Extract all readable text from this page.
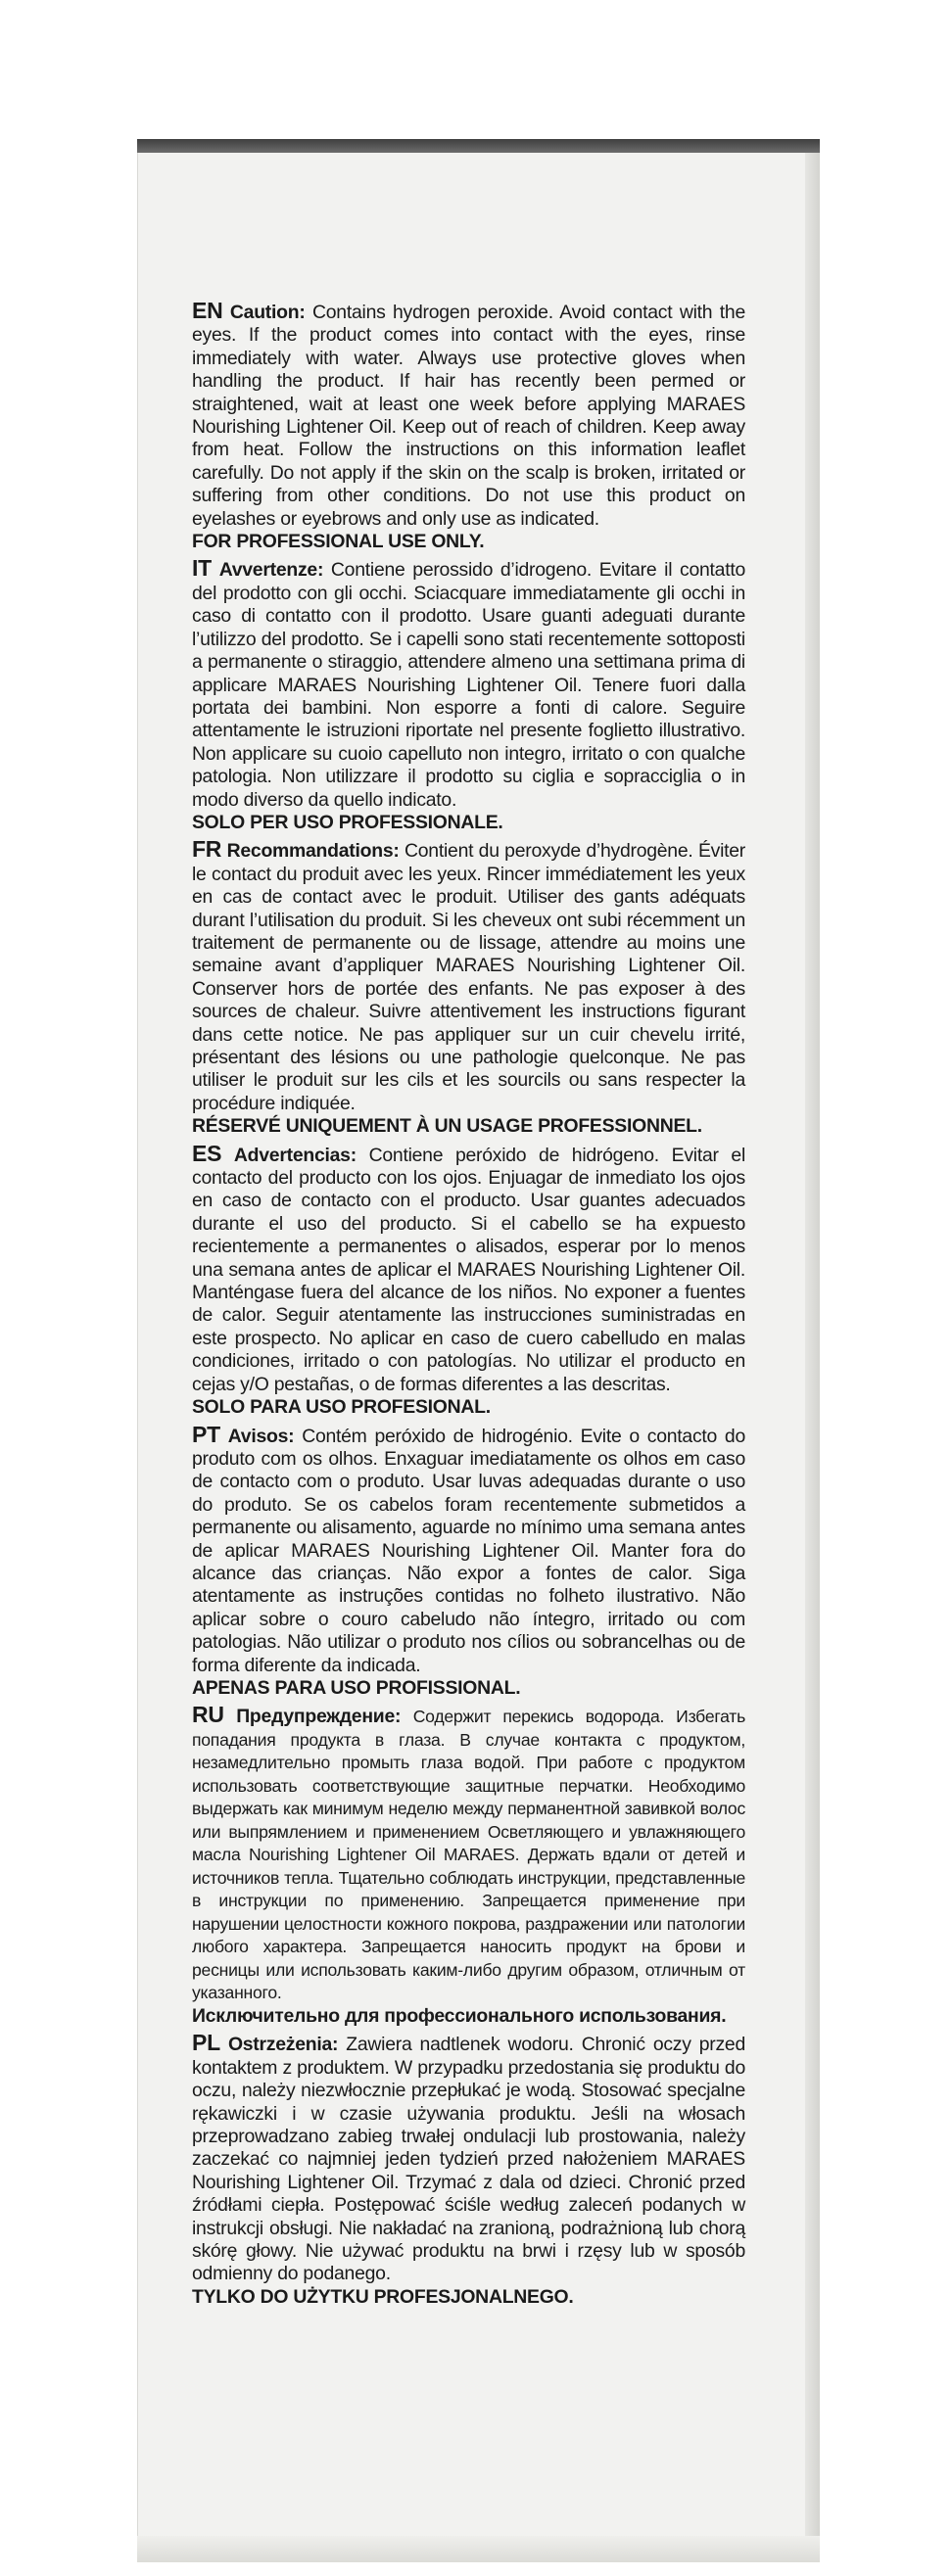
EN Caution: Contains hydrogen peroxide. Avoid contact with the eyes. If the product comes into contact with the eyes, rinse immediately with water. Always use protective gloves when handling the product. If hair has recently been permed or straightened, wait at least one week before applying MARAES Nourishing Lightener Oil. Keep out of reach of children. Keep away from heat. Follow the instructions on this information leaflet carefully. Do not apply if the skin on the scalp is broken, irritated or suffering from other conditions. Do not use this product on eyelashes or eyebrows and only use as indicated.
FOR PROFESSIONAL USE ONLY.
IT Avvertenze: Contiene perossido d’idrogeno. Evitare il contatto del prodotto con gli occhi. Sciacquare immediatamente gli occhi in caso di contatto con il prodotto. Usare guanti adeguati durante l’utilizzo del prodotto. Se i capelli sono stati recentemente sottoposti a permanente o stiraggio, attendere almeno una settimana prima di applicare MARAES Nourishing Lightener Oil. Tenere fuori dalla portata dei bambini. Non esporre a fonti di calore. Seguire attentamente le istruzioni riportate nel presente foglietto illustrativo. Non applicare su cuoio capelluto non integro, irritato o con qualche patologia. Non utilizzare il prodotto su ciglia e sopracciglia o in modo diverso da quello indicato.
SOLO PER USO PROFESSIONALE.
FR Recommandations: Contient du peroxyde d’hydrogène. Éviter le contact du produit avec les yeux. Rincer immédiatement les yeux en cas de contact avec le produit. Utiliser des gants adéquats durant l’utilisation du produit. Si les cheveux ont subi récemment un traitement de permanente ou de lissage, attendre au moins une semaine avant d’appliquer MARAES Nourishing Lightener Oil. Conserver hors de portée des enfants. Ne pas exposer à des sources de chaleur. Suivre attentivement les instructions figurant dans cette notice. Ne pas appliquer sur un cuir chevelu irrité, présentant des lésions ou une pathologie quelconque. Ne pas utiliser le produit sur les cils et les sourcils ou sans respecter la procédure indiquée.
RÉSERVÉ UNIQUEMENT À UN USAGE PROFESSIONNEL.
ES Advertencias: Contiene peróxido de hidrógeno. Evitar el contacto del producto con los ojos. Enjuagar de inmediato los ojos en caso de contacto con el producto. Usar guantes adecuados durante el uso del producto. Si el cabello se ha expuesto recientemente a permanentes o alisados, esperar por lo menos una semana antes de aplicar el MARAES Nourishing Lightener Oil. Manténgase fuera del alcance de los niños. No exponer a fuentes de calor. Seguir atentamente las instrucciones suministradas en este prospecto. No aplicar en caso de cuero cabelludo en malas condiciones, irritado o con patologías. No utilizar el producto en cejas y/O pestañas, o de formas diferentes a las descritas.
SOLO PARA USO PROFESIONAL.
PT Avisos: Contém peróxido de hidrogénio. Evite o contacto do produto com os olhos. Enxaguar imediatamente os olhos em caso de contacto com o produto. Usar luvas adequadas durante o uso do produto. Se os cabelos foram recentemente submetidos a permanente ou alisamento, aguarde no mínimo uma semana antes de aplicar MARAES Nourishing Lightener Oil. Manter fora do alcance das crianças. Não expor a fontes de calor. Siga atentamente as instruções contidas no folheto ilustrativo. Não aplicar sobre o couro cabeludo não íntegro, irritado ou com patologias. Não utilizar o produto nos cílios ou sobrancelhas ou de forma diferente da indicada.
APENAS PARA USO PROFISSIONAL.
RU Предупреждение: Содержит перекись водорода. Избегать попадания продукта в глаза. В случае контакта с продуктом, незамедлительно промыть глаза водой. При работе с продуктом использовать соответствующие защитные перчатки. Необходимо выдержать как минимум неделю между перманентной завивкой волос или выпрямлением и применением Осветляющего и увлажняющего масла Nourishing Lightener Oil MARAES. Держать вдали от детей и источников тепла. Тщательно соблюдать инструкции, представленные в инструкции по применению. Запрещается применение при нарушении целостности кожного покрова, раздражении или патологии любого характера. Запрещается наносить продукт на брови и ресницы или использовать каким-либо другим образом, отличным от указанного.
Исключительно для профессионального использования.
PL Ostrzeżenia: Zawiera nadtlenek wodoru. Chronić oczy przed kontaktem z produktem. W przypadku przedostania się produktu do oczu, należy niezwłocznie przepłukać je wodą. Stosować specjalne rękawiczki i w czasie używania produktu. Jeśli na włosach przeprowadzano zabieg trwałej ondulacji lub prostowania, należy zaczekać co najmniej jeden tydzień przed nałożeniem MARAES Nourishing Lightener Oil. Trzymać z dala od dzieci. Chronić przed źródłami ciepła. Postępować ściśle według zaleceń podanych w instrukcji obsługi. Nie nakładać na zranioną, podrażnioną lub chorą skórę głowy. Nie używać produktu na brwi i rzęsy lub w sposób odmienny do podanego.
TYLKO DO UŻYTKU PROFESJONALNEGO.
